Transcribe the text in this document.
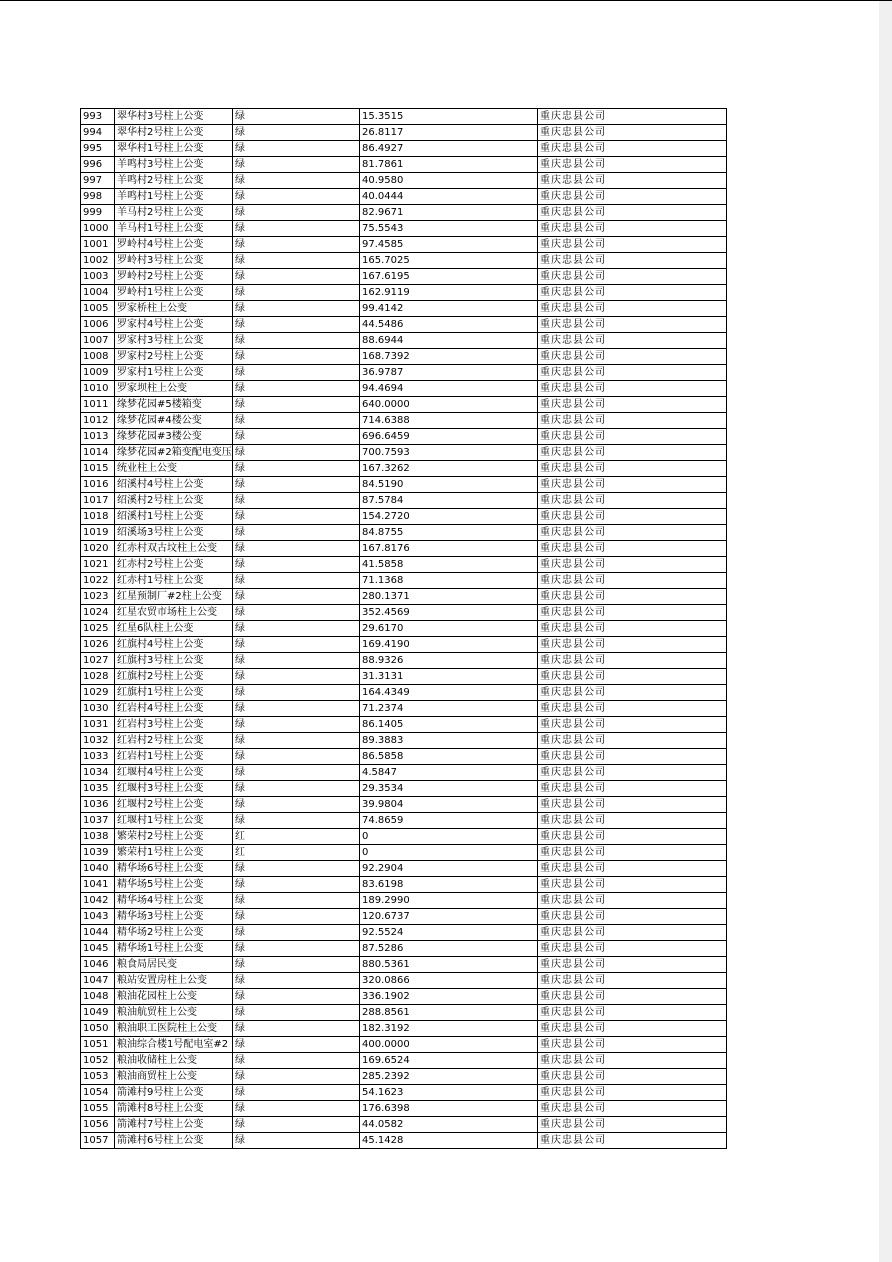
993	翠华村3号柱上公变	绿	15.3515	重庆忠县公司
994	翠华村2号柱上公变	绿	26.8117	重庆忠县公司
995	翠华村1号柱上公变	绿	86.4927	重庆忠县公司
996	羊鸣村3号柱上公变	绿	81.7861	重庆忠县公司
997	羊鸣村2号柱上公变	绿	40.9580	重庆忠县公司
998	羊鸣村1号柱上公变	绿	40.0444	重庆忠县公司
999	羊马村2号柱上公变	绿	82.9671	重庆忠县公司
1000	羊马村1号柱上公变	绿	75.5543	重庆忠县公司
1001	罗岭村4号柱上公变	绿	97.4585	重庆忠县公司
1002	罗岭村3号柱上公变	绿	165.7025	重庆忠县公司
1003	罗岭村2号柱上公变	绿	167.6195	重庆忠县公司
1004	罗岭村1号柱上公变	绿	162.9119	重庆忠县公司
1005	罗家桥柱上公变	绿	99.4142	重庆忠县公司
1006	罗家村4号柱上公变	绿	44.5486	重庆忠县公司
1007	罗家村3号柱上公变	绿	88.6944	重庆忠县公司
1008	罗家村2号柱上公变	绿	168.7392	重庆忠县公司
1009	罗家村1号柱上公变	绿	36.9787	重庆忠县公司
1010	罗家坝柱上公变	绿	94.4694	重庆忠县公司
1011	缘梦花园#5楼箱变	绿	640.0000	重庆忠县公司
1012	缘梦花园#4楼公变	绿	714.6388	重庆忠县公司
1013	缘梦花园#3楼公变	绿	696.6459	重庆忠县公司
1014	缘梦花园#2箱变配电变压	绿	700.7593	重庆忠县公司
1015	统业柱上公变	绿	167.3262	重庆忠县公司
1016	绍溪村4号柱上公变	绿	84.5190	重庆忠县公司
1017	绍溪村2号柱上公变	绿	87.5784	重庆忠县公司
1018	绍溪村1号柱上公变	绿	154.2720	重庆忠县公司
1019	绍溪场3号柱上公变	绿	84.8755	重庆忠县公司
1020	红赤村双古坟柱上公变	绿	167.8176	重庆忠县公司
1021	红赤村2号柱上公变	绿	41.5858	重庆忠县公司
1022	红赤村1号柱上公变	绿	71.1368	重庆忠县公司
1023	红星预制厂#2柱上公变	绿	280.1371	重庆忠县公司
1024	红星农贸市场柱上公变	绿	352.4569	重庆忠县公司
1025	红星6队柱上公变	绿	29.6170	重庆忠县公司
1026	红旗村4号柱上公变	绿	169.4190	重庆忠县公司
1027	红旗村3号柱上公变	绿	88.9326	重庆忠县公司
1028	红旗村2号柱上公变	绿	31.3131	重庆忠县公司
1029	红旗村1号柱上公变	绿	164.4349	重庆忠县公司
1030	红岩村4号柱上公变	绿	71.2374	重庆忠县公司
1031	红岩村3号柱上公变	绿	86.1405	重庆忠县公司
1032	红岩村2号柱上公变	绿	89.3883	重庆忠县公司
1033	红岩村1号柱上公变	绿	86.5858	重庆忠县公司
1034	红堰村4号柱上公变	绿	4.5847	重庆忠县公司
1035	红堰村3号柱上公变	绿	29.3534	重庆忠县公司
1036	红堰村2号柱上公变	绿	39.9804	重庆忠县公司
1037	红堰村1号柱上公变	绿	74.8659	重庆忠县公司
1038	繁荣村2号柱上公变	红	0	重庆忠县公司
1039	繁荣村1号柱上公变	红	0	重庆忠县公司
1040	精华场6号柱上公变	绿	92.2904	重庆忠县公司
1041	精华场5号柱上公变	绿	83.6198	重庆忠县公司
1042	精华场4号柱上公变	绿	189.2990	重庆忠县公司
1043	精华场3号柱上公变	绿	120.6737	重庆忠县公司
1044	精华场2号柱上公变	绿	92.5524	重庆忠县公司
1045	精华场1号柱上公变	绿	87.5286	重庆忠县公司
1046	粮食局居民变	绿	880.5361	重庆忠县公司
1047	粮站安置房柱上公变	绿	320.0866	重庆忠县公司
1048	粮油花园柱上公变	绿	336.1902	重庆忠县公司
1049	粮油航贸柱上公变	绿	288.8561	重庆忠县公司
1050	粮油职工医院柱上公变	绿	182.3192	重庆忠县公司
1051	粮油综合楼1号配电室#2	绿	400.0000	重庆忠县公司
1052	粮油收储柱上公变	绿	169.6524	重庆忠县公司
1053	粮油商贸柱上公变	绿	285.2392	重庆忠县公司
1054	箭滩村9号柱上公变	绿	54.1623	重庆忠县公司
1055	箭滩村8号柱上公变	绿	176.6398	重庆忠县公司
1056	箭滩村7号柱上公变	绿	44.0582	重庆忠县公司
1057	箭滩村6号柱上公变	绿	45.1428	重庆忠县公司
